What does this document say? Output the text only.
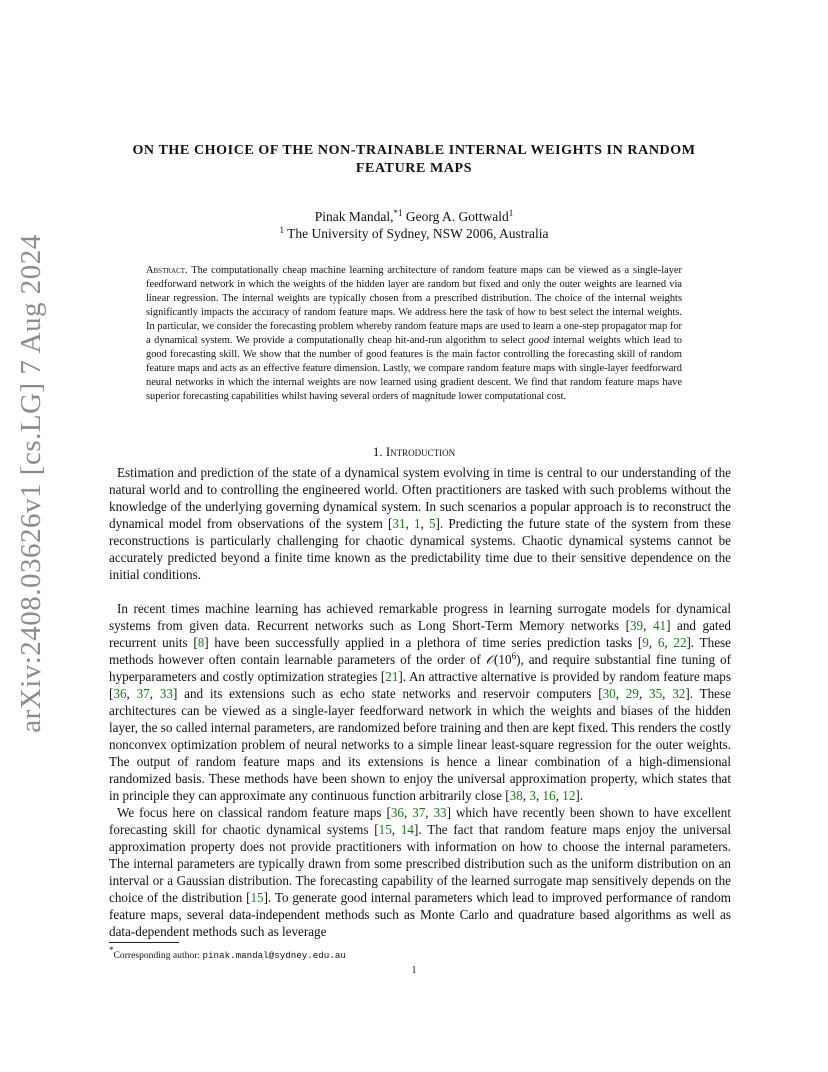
arXiv:2408.03626v1 [cs.LG] 7 Aug 2024
ON THE CHOICE OF THE NON-TRAINABLE INTERNAL WEIGHTS IN RANDOM
FEATURE MAPS
Pinak Mandal,$^{*1}$ Georg A. Gottwald$^1$
$^1$ The University of Sydney, NSW 2006, Australia
Abstract. The computationally cheap machine learning architecture of random feature maps can be viewed as a single-layer feedforward network in which the weights of the hidden layer are random but fixed and only the outer weights are learned via linear regression. The internal weights are typically chosen from a prescribed distribution. The choice of the internal weights significantly impacts the accuracy of random feature maps. We address here the task of how to best select the internal weights. In particular, we consider the forecasting problem whereby random feature maps are used to learn a one-step propagator map for a dynamical system. We provide a computationally cheap hit-and-run algorithm to select good internal weights which lead to good forecasting skill. We show that the number of good features is the main factor controlling the forecasting skill of random feature maps and acts as an effective feature dimension. Lastly, we compare random feature maps with single-layer feedforward neural networks in which the internal weights are now learned using gradient descent. We find that random feature maps have superior forecasting capabilities whilst having several orders of magnitude lower computational cost.
1. Introduction

Estimation and prediction of the state of a dynamical system evolving in time is central to our understanding of the natural world and to controlling the engineered world. Often practitioners are tasked with such problems without the knowledge of the underlying governing dynamical system. In such scenarios a popular approach is to reconstruct the dynamical model from observations of the system [31, 1, 5]. Predicting the future state of the system from these reconstructions is particularly challenging for chaotic dynamical systems. Chaotic dynamical systems cannot be accurately predicted beyond a finite time known as the predictability time due to their sensitive dependence on the initial conditions.

In recent times machine learning has achieved remarkable progress in learning surrogate models for dynamical systems from given data. Recurrent networks such as Long Short-Term Memory networks [39, 41] and gated recurrent units [8] have been successfully applied in a plethora of time series prediction tasks [9, 6, 22]. These methods however often contain learnable parameters of the order of $𝒪(10^6)$, and require substantial fine tuning of hyperparameters and costly optimization strategies [21]. An attractive alternative is provided by random feature maps [36, 37, 33] and its extensions such as echo state networks and reservoir computers [30, 29, 35, 32]. These architectures can be viewed as a single-layer feedforward network in which the weights and biases of the hidden layer, the so called internal parameters, are randomized before training and then are kept fixed. This renders the costly nonconvex optimization problem of neural networks to a simple linear least-square regression for the outer weights. The output of random feature maps and its extensions is hence a linear combination of a high-dimensional randomized basis. These methods have been shown to enjoy the universal approximation property, which states that in principle they can approximate any continuous function arbitrarily close [38, 3, 16, 12].

We focus here on classical random feature maps [36, 37, 33] which have recently been shown to have excellent forecasting skill for chaotic dynamical systems [15, 14]. The fact that random feature maps enjoy the universal approximation property does not provide practitioners with information on how to choose the internal parameters. The internal parameters are typically drawn from some prescribed distribution such as the uniform distribution on an interval or a Gaussian distribution. The forecasting capability of the learned surrogate map sensitively depends on the choice of the distribution [15]. To generate good internal parameters which lead to improved performance of random feature maps, several data-independent methods such as Monte Carlo and quadrature based algorithms as well as data-dependent methods such as leverage

*Corresponding author: pinak.mandal@sydney.edu.au
1
